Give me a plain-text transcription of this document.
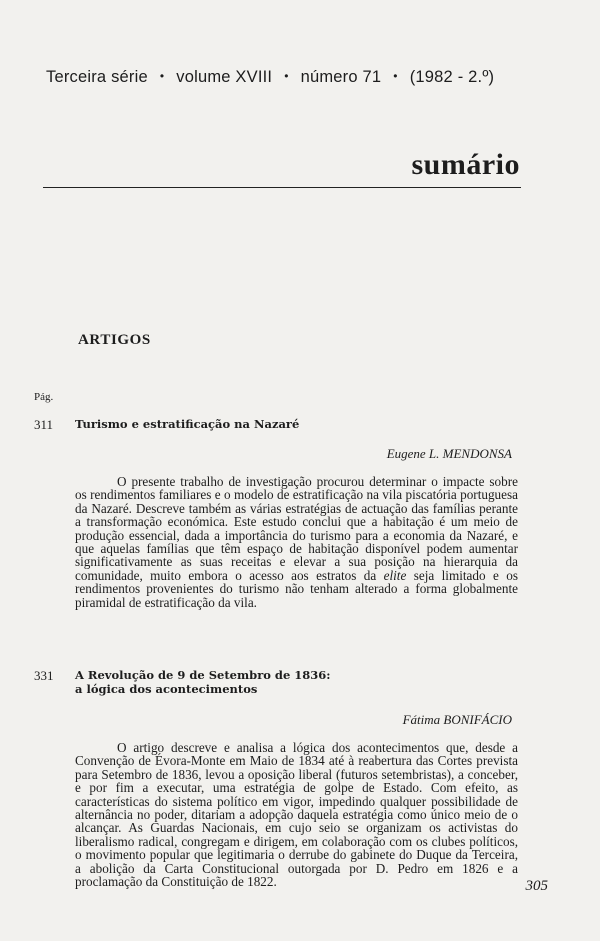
Terceira série • volume XVIII • número 71 • (1982 - 2.º)
sumário
ARTIGOS
Pág.
311 Turismo e estratificação na Nazaré
Eugene L. MENDONSA

O presente trabalho de investigação procurou determinar o impacte sobre os rendimentos familiares e o modelo de estratificação na vila piscatória portuguesa da Nazaré. Descreve também as várias estratégias de actuação das famílias perante a transformação económica. Este estudo conclui que a habitação é um meio de produção essencial, dada a importância do turismo para a economia da Nazaré, e que aquelas famílias que têm espaço de habitação disponível podem aumentar significativamente as suas receitas e elevar a sua posição na hierarquia da comunidade, muito embora o acesso aos estratos da elite seja limitado e os rendimentos provenientes do turismo não tenham alterado a forma globalmente piramidal de estratificação da vila.

331 A Revolução de 9 de Setembro de 1836: a lógica dos acontecimentos
Fátima BONIFÁCIO

O artigo descreve e analisa a lógica dos acontecimentos que, desde a Convenção de Évora-Monte em Maio de 1834 até à reabertura das Cortes prevista para Setembro de 1836, levou a oposição liberal (futuros setembristas), a conceber, e por fim a executar, uma estratégia de golpe de Estado. Com efeito, as características do sistema político em vigor, impedindo qualquer possibilidade de alternância no poder, ditariam a adopção daquela estratégia como único meio de o alcançar. As Guardas Nacionais, em cujo seio se organizam os activistas do liberalismo radical, congregam e dirigem, em colaboração com os clubes políticos, o movimento popular que legitimaria o derrube do gabinete do Duque da Terceira, a abolição da Carta Constitucional outorgada por D. Pedro em 1826 e a proclamação da Constituição de 1822.	305
